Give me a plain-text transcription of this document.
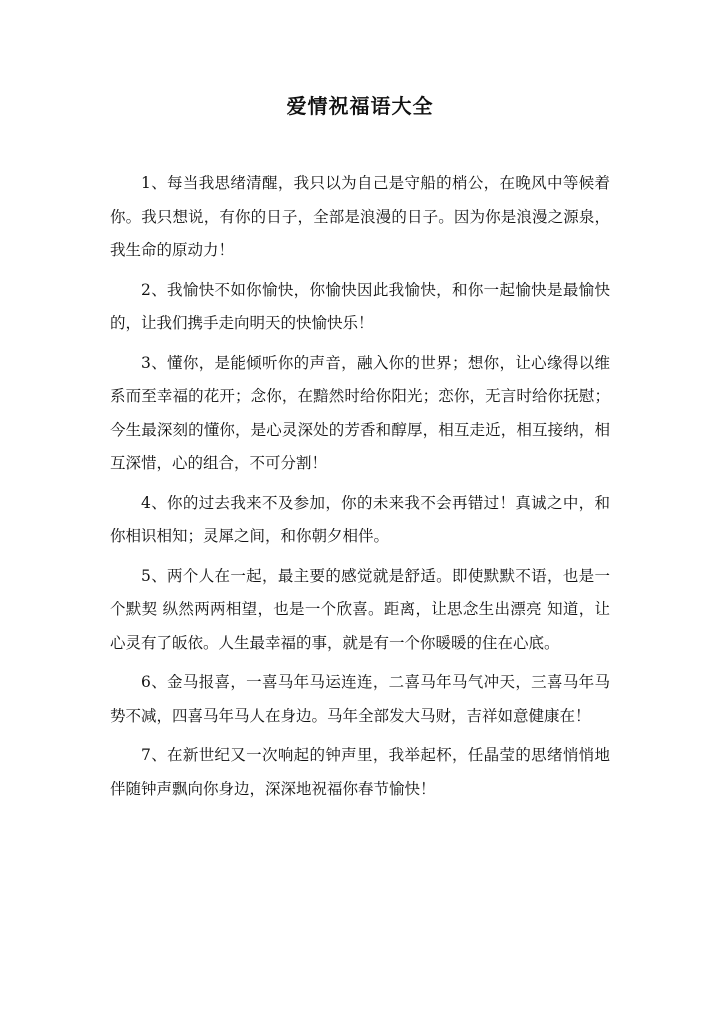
爱情祝福语大全

1、每当我思绪清醒，我只以为自己是守船的梢公，在晚风中等候着你。我只想说，有你的日子，全部是浪漫的日子。因为你是浪漫之源泉，我生命的原动力！

2、我愉快不如你愉快，你愉快因此我愉快，和你一起愉快是最愉快的，让我们携手走向明天的快愉快乐！

3、懂你，是能倾听你的声音，融入你的世界；想你，让心缘得以维系而至幸福的花开；念你，在黯然时给你阳光；恋你，无言时给你抚慰；今生最深刻的懂你，是心灵深处的芳香和醇厚，相互走近，相互接纳，相互深惜，心的组合，不可分割！

4、你的过去我来不及参加，你的未来我不会再错过！真诚之中，和你相识相知；灵犀之间，和你朝夕相伴。

5、两个人在一起，最主要的感觉就是舒适。即使默默不语，也是一个默契 纵然两两相望，也是一个欣喜。距离，让思念生出漂亮 知道，让心灵有了皈依。人生最幸福的事，就是有一个你暖暖的住在心底。

6、金马报喜，一喜马年马运连连，二喜马年马气冲天，三喜马年马势不减，四喜马年马人在身边。马年全部发大马财，吉祥如意健康在！

7、在新世纪又一次响起的钟声里，我举起杯，任晶莹的思绪悄悄地伴随钟声飘向你身边，深深地祝福你春节愉快！
